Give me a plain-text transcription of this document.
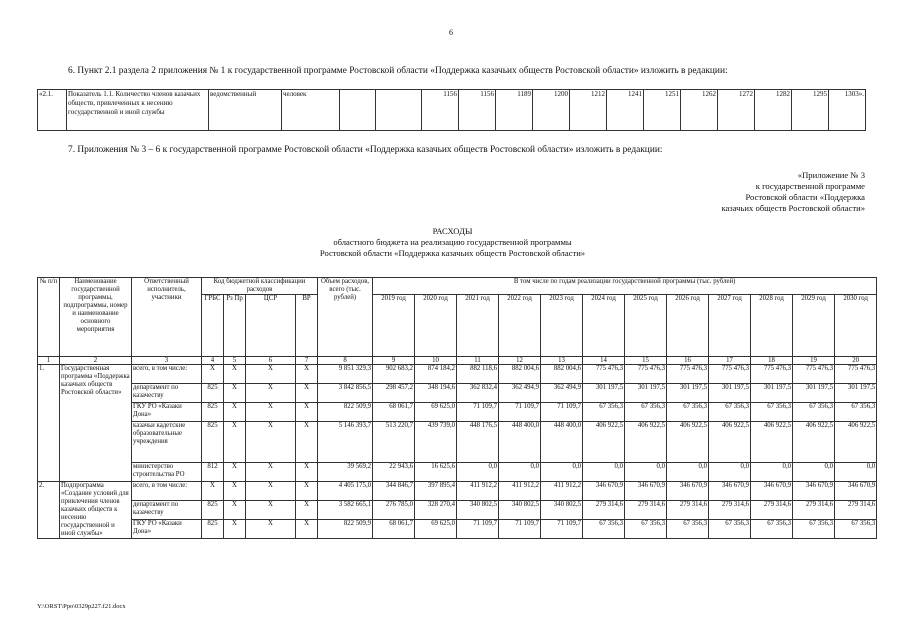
6
6. Пункт 2.1 раздела 2 приложения № 1 к государственной программе Ростовской области «Поддержка казачьих обществ Ростовской области» изложить в редакции:
«2.1.	Показатель 1.1. Количество членов казачьих обществ, привлеченных к несению государственной и иной службы	ведомственный	человек			1156	1156	1189	1200	1212	1241	1251	1262	1272	1282	1295	1303».
7. Приложения № 3 – 6 к государственной программе Ростовской области «Поддержка казачьих обществ Ростовской области» изложить в редакции:
«Приложение № 3
к государственной программе
Ростовской области «Поддержка
казачьих обществ Ростовской области»
РАСХОДЫ
областного бюджета на реализацию государственной программы
Ростовской области «Поддержка казачьих обществ Ростовской области»
№ п/п	Наименование государственной программы, подпрограммы, номер и наименование основного мероприятия	Ответственный исполнитель, участники	Код бюджетной классификации расходов				Объем расходов, всего (тыс. рублей)	В том числе по годам реализации государственной программы (тыс. рублей)											
			ГРБС	Рз Пр	ЦСР	ВР		2019 год	2020 год	2021 год	2022 год	2023 год	2024 год	2025 год	2026 год	2027 год	2028 год	2029 год	2030 год
1	2	3	4	5	6	7	8	9	10	11	12	13	14	15	16	17	18	19	20
1.	Государственная программа «Поддержка казачьих обществ Ростовской области»	всего, в том числе:	X	X	X	X	9 851 329,3	902 683,2	874 184,2	882 118,6	882 004,6	882 004,6	775 476,3	775 476,3	775 476,3	775 476,3	775 476,3	775 476,3	775 476,3
		департамент по казачеству	825	X	X	X	3 842 856,5	298 457,2	348 194,6	362 832,4	362 494,9	362 494,9	301 197,5	301 197,5	301 197,5	301 197,5	301 197,5	301 197,5	301 197,5
		ГКУ РО «Казаки Дона»	825	X	X	X	822 509,9	68 061,7	69 625,0	71 109,7	71 109,7	71 109,7	67 356,3	67 356,3	67 356,3	67 356,3	67 356,3	67 356,3	67 356,3
		казачьи кадетские образовательные учреждения	825	X	X	X	5 146 393,7	513 220,7	439 739,0	448 176,5	448 400,0	448 400,0	406 922,5	406 922,5	406 922,5	406 922,5	406 922,5	406 922,5	406 922,5
		министерство строительства РО	812	X	X	X	39 569,2	22 943,6	16 625,6	0,0	0,0	0,0	0,0	0,0	0,0	0,0	0,0	0,0	0,0
2.	Подпрограмма «Создание условий для привлечения членов казачьих обществ к несению государственной и иной службы»	всего, в том числе:	X	X	X	X	4 405 175,0	344 846,7	397 895,4	411 912,2	411 912,2	411 912,2	346 670,9	346 670,9	346 670,9	346 670,9	346 670,9	346 670,9	346 670,9
		департамент по казачеству	825	X	X	X	3 582 665,1	276 785,0	328 270,4	340 802,5	340 802,5	340 802,5	279 314,6	279 314,6	279 314,6	279 314,6	279 314,6	279 314,6	279 314,6
		ГКУ РО «Казаки Дона»	825	X	X	X	822 509,9	68 061,7	69 625,0	71 109,7	71 109,7	71 109,7	67 356,3	67 356,3	67 356,3	67 356,3	67 356,3	67 356,3	67 356,3
Y:\ORST\Ppo\0329p227.f21.docx
